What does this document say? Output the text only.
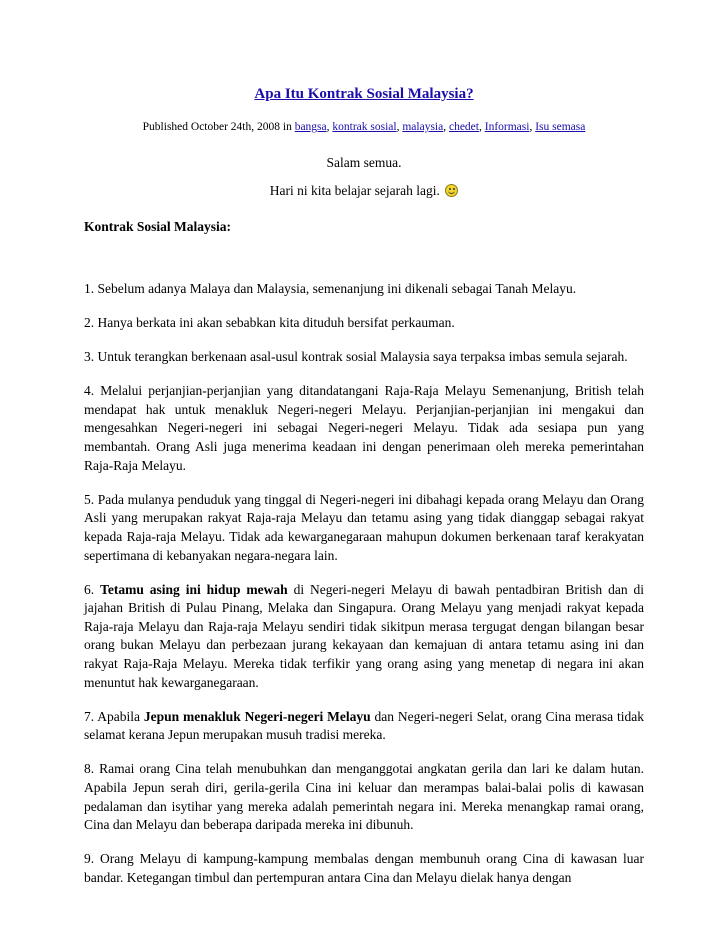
Apa Itu Kontrak Sosial Malaysia?
Published October 24th, 2008 in bangsa, kontrak sosial, malaysia, chedet, Informasi, Isu semasa
Salam semua.
Hari ni kita belajar sejarah lagi.
Kontrak Sosial Malaysia:

1. Sebelum adanya Malaya dan Malaysia, semenanjung ini dikenali sebagai Tanah Melayu.

2. Hanya berkata ini akan sebabkan kita dituduh bersifat perkauman.

3. Untuk terangkan berkenaan asal-usul kontrak sosial Malaysia saya terpaksa imbas semula sejarah.

4. Melalui perjanjian-perjanjian yang ditandatangani Raja-Raja Melayu Semenanjung, British telah mendapat hak untuk menakluk Negeri-negeri Melayu. Perjanjian-perjanjian ini mengakui dan mengesahkan Negeri-negeri ini sebagai Negeri-negeri Melayu. Tidak ada sesiapa pun yang membantah. Orang Asli juga menerima keadaan ini dengan penerimaan oleh mereka pemerintahan Raja-Raja Melayu.

5. Pada mulanya penduduk yang tinggal di Negeri-negeri ini dibahagi kepada orang Melayu dan Orang Asli yang merupakan rakyat Raja-raja Melayu dan tetamu asing yang tidak dianggap sebagai rakyat kepada Raja-raja Melayu. Tidak ada kewarganegaraan mahupun dokumen berkenaan taraf kerakyatan sepertimana di kebanyakan negara-negara lain.

6. Tetamu asing ini hidup mewah di Negeri-negeri Melayu di bawah pentadbiran British dan di jajahan British di Pulau Pinang, Melaka dan Singapura. Orang Melayu yang menjadi rakyat kepada Raja-raja Melayu dan Raja-raja Melayu sendiri tidak sikitpun merasa tergugat dengan bilangan besar orang bukan Melayu dan perbezaan jurang kekayaan dan kemajuan di antara tetamu asing ini dan rakyat Raja-Raja Melayu. Mereka tidak terfikir yang orang asing yang menetap di negara ini akan menuntut hak kewarganegaraan.

7. Apabila Jepun menakluk Negeri-negeri Melayu dan Negeri-negeri Selat, orang Cina merasa tidak selamat kerana Jepun merupakan musuh tradisi mereka.

8. Ramai orang Cina telah menubuhkan dan menganggotai angkatan gerila dan lari ke dalam hutan. Apabila Jepun serah diri, gerila-gerila Cina ini keluar dan merampas balai-balai polis di kawasan pedalaman dan isytihar yang mereka adalah pemerintah negara ini. Mereka menangkap ramai orang, Cina dan Melayu dan beberapa daripada mereka ini dibunuh.

9. Orang Melayu di kampung-kampung membalas dengan membunuh orang Cina di kawasan luar bandar. Ketegangan timbul dan pertempuran antara Cina dan Melayu dielak hanya dengan
